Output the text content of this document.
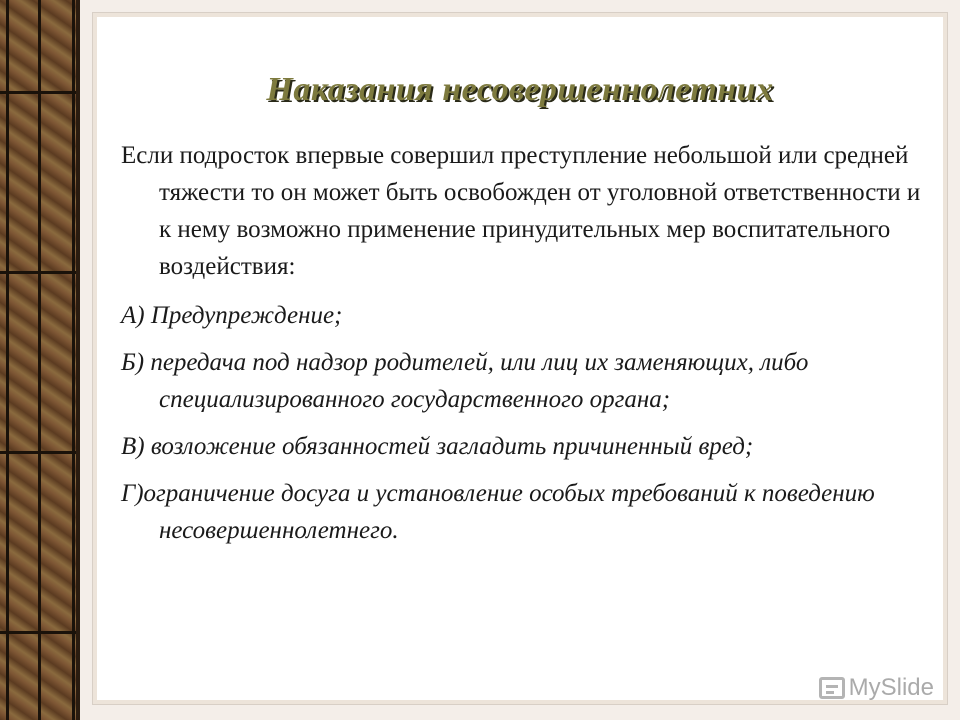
Наказания несовершеннолетних

Если подросток впервые совершил преступление небольшой или средней тяжести то он может быть освобожден от уголовной ответственности и к нему возможно применение принудительных мер воспитательного воздействия:

А) Предупреждение;

Б) передача под надзор родителей, или лиц их заменяющих, либо специализированного государственного органа;

В) возложение обязанностей загладить причиненный вред;

Г)ограничение досуга и установление особых требований к поведению несовершеннолетнего.

MySlide
